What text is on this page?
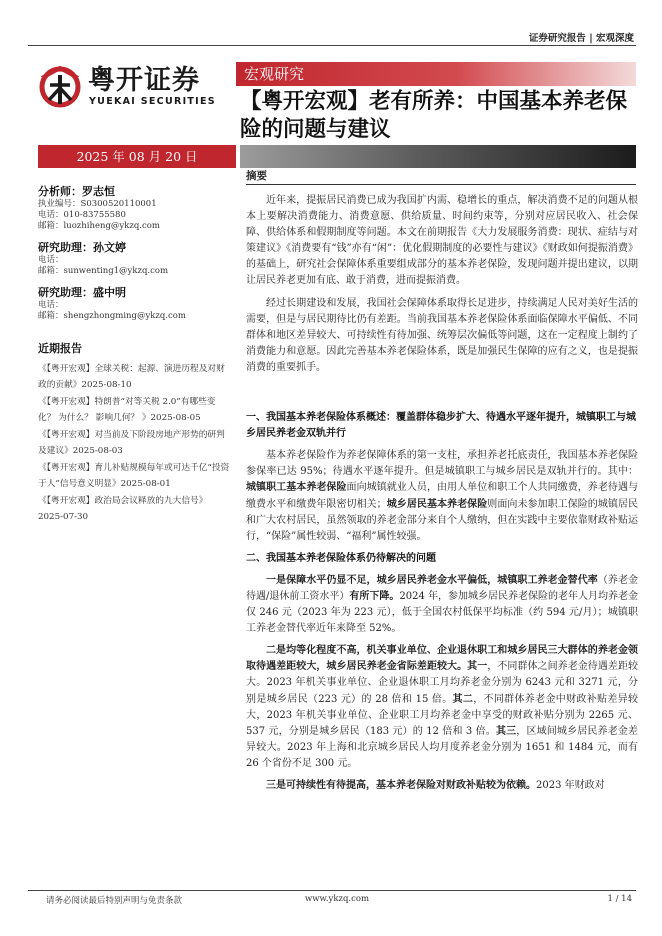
证券研究报告 | 宏观深度
粤开证券
YUEKAI SECURITIES
宏观研究
【粤开宏观】老有所养：中国基本养老保险的问题与建议
2025 年 08 月 20 日
分析师：罗志恒
执业编号：S0300520110001
电话：010-83755580
邮箱：luozhiheng@ykzq.com
研究助理：孙文婷
电话：
邮箱：sunwenting1@ykzq.com
研究助理：盛中明
电话：
邮箱：shengzhongming@ykzq.com
近期报告
《【粤开宏观】全球关税：起源、演进历程及对财政的贡献》2025-08-10
《【粤开宏观】特朗普“对等关税 2.0”有哪些变化？ 为什么？ 影响几何？ 》2025-08-05
《【粤开宏观】对当前及下阶段房地产形势的研判及建议》2025-08-03
《【粤开宏观】育儿补贴规模每年或可达千亿“投资于人”信号意义明显》2025-08-01
《【粤开宏观】政治局会议释放的九大信号》2025-07-30
摘要

近年来，提振居民消费已成为我国扩内需、稳增长的重点，解决消费不足的问题从根本上要解决消费能力、消费意愿、供给质量、时间约束等，分别对应居民收入、社会保障、供给体系和假期制度等问题。本文在前期报告《大力发展服务消费：现状、症结与对策建议》《消费要有“钱”亦有“闲”：优化假期制度的必要性与建议》《财政如何提振消费》的基础上，研究社会保障体系重要组成部分的基本养老保险，发现问题并提出建议，以期让居民养老更加有底、敢于消费，进而提振消费。

经过长期建设和发展，我国社会保障体系取得长足进步，持续满足人民对美好生活的需要，但是与居民期待比仍有差距。当前我国基本养老保险体系面临保障水平偏低、不同群体和地区差异较大、可持续性有待加强、统筹层次偏低等问题，这在一定程度上制约了消费能力和意愿。因此完善基本养老保险体系，既是加强民生保障的应有之义，也是提振消费的重要抓手。

一、我国基本养老保险体系概述：覆盖群体稳步扩大、待遇水平逐年提升，城镇职工与城乡居民养老金双轨并行

基本养老保险作为养老保障体系的第一支柱，承担养老托底责任，我国基本养老保险参保率已达 95%；待遇水平逐年提升。但是城镇职工与城乡居民是双轨并行的。其中：城镇职工基本养老保险面向城镇就业人员，由用人单位和职工个人共同缴费，养老待遇与缴费水平和缴费年限密切相关；城乡居民基本养老保险则面向未参加职工保险的城镇居民和广大农村居民，虽然领取的养老金部分来自个人缴纳，但在实践中主要依靠财政补贴运行，“保险”属性较弱、“福利”属性较强。

二、我国基本养老保险体系仍待解决的问题

一是保障水平仍显不足，城乡居民养老金水平偏低，城镇职工养老金替代率（养老金待遇/退休前工资水平）有所下降。2024 年，参加城乡居民养老保险的老年人月均养老金仅 246 元（2023 年为 223 元），低于全国农村低保平均标准（约 594 元/月）；城镇职工养老金替代率近年来降至 52%。

二是均等化程度不高，机关事业单位、企业退休职工和城乡居民三大群体的养老金领取待遇差距较大，城乡居民养老金省际差距较大。其一，不同群体之间养老金待遇差距较大。2023 年机关事业单位、企业退休职工月均养老金分别为 6243 元和 3271 元，分别是城乡居民（223 元）的 28 倍和 15 倍。其二，不同群体养老金中财政补贴差异较大，2023 年机关事业单位、企业职工月均养老金中享受的财政补贴分别为 2265 元、537 元，分别是城乡居民（183 元）的 12 倍和 3 倍。其三，区域间城乡居民养老金差异较大。2023 年上海和北京城乡居民人均月度养老金分别为 1651 和 1484 元，而有 26 个省份不足 300 元。

三是可持续性有待提高，基本养老保险对财政补贴较为依赖。2023 年财政对

请务必阅读最后特别声明与免责条款	www.ykzq.com	1 / 14
